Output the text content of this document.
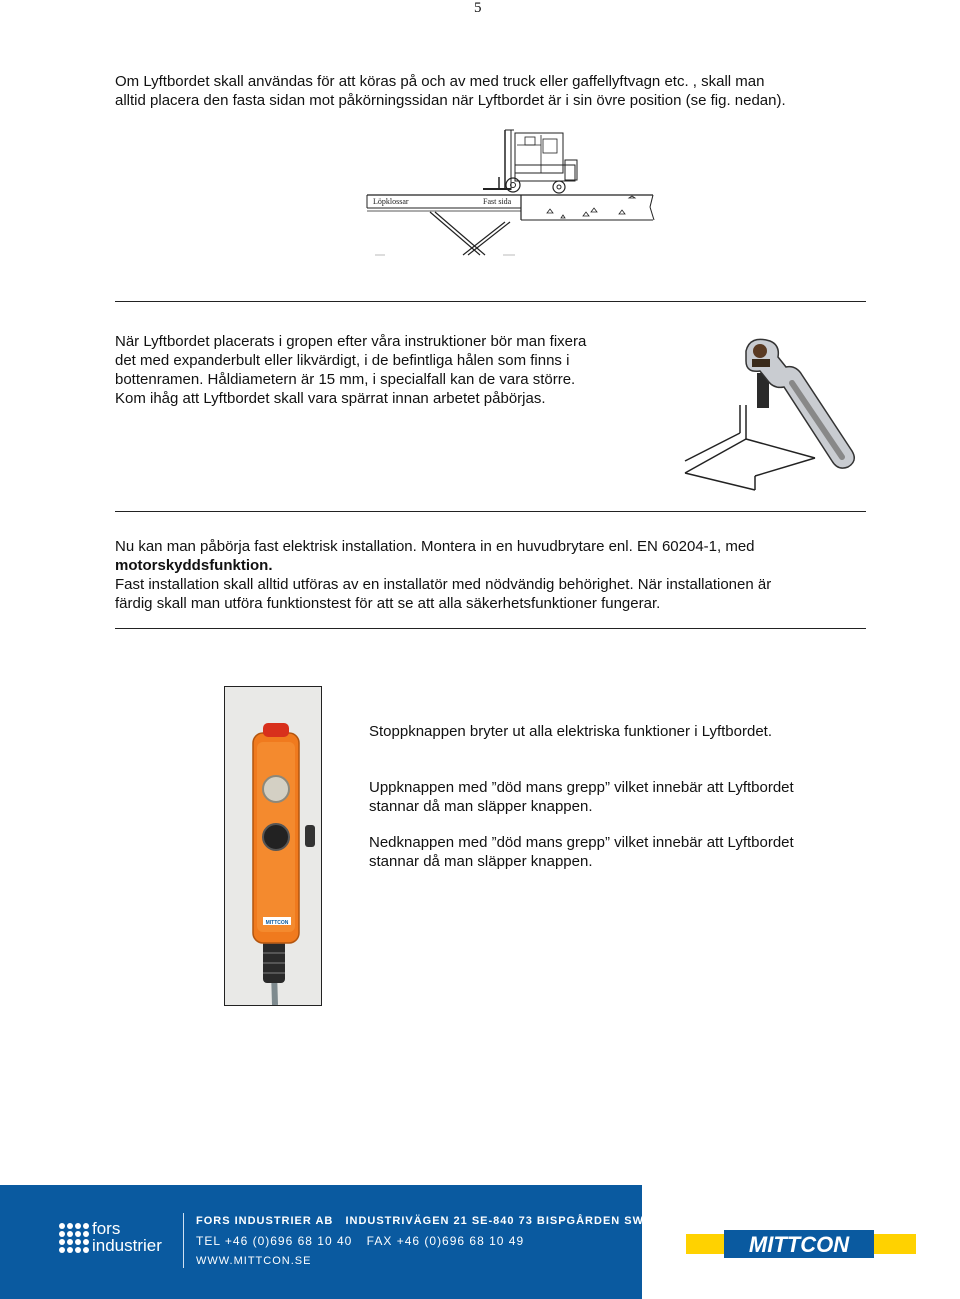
5
Om Lyftbordet skall användas för att köras på och av med truck eller gaffellyftvagn etc. , skall man
alltid placera den fasta sidan mot påkörningssidan när Lyftbordet är i sin övre position (se fig. nedan).
Löpklossar	Fast sida
När Lyftbordet placerats i gropen efter våra instruktioner bör man fixera
det med expanderbult eller likvärdigt, i de befintliga hålen som finns i
bottenramen. Håldiametern är 15 mm, i specialfall kan de vara större.
Kom ihåg att Lyftbordet skall vara spärrat innan arbetet påbörjas.
Nu kan man påbörja fast elektrisk installation. Montera in en huvudbrytare enl. EN 60204-1, med
motorskyddsfunktion.
Fast installation skall alltid utföras av en installatör med nödvändig behörighet. När installationen är
färdig skall man utföra funktionstest för att se att alla säkerhetsfunktioner fungerar.
MITTCON
Stoppknappen bryter ut alla elektriska funktioner i Lyftbordet.
Uppknappen med ”död mans grepp” vilket innebär att Lyftbordet
stannar då man släpper knappen.
Nedknappen med ”död mans grepp” vilket innebär att Lyftbordet
stannar då man släpper knappen.
fors
industrier
FORS INDUSTRIER AB INDUSTRIVÄGEN 21 SE-840 73 BISPGÅRDEN SWEDEN
TEL +46 (0)696 68 10 40 FAX +46 (0)696 68 10 49
WWW.MITTCON.SE
MITTCON
